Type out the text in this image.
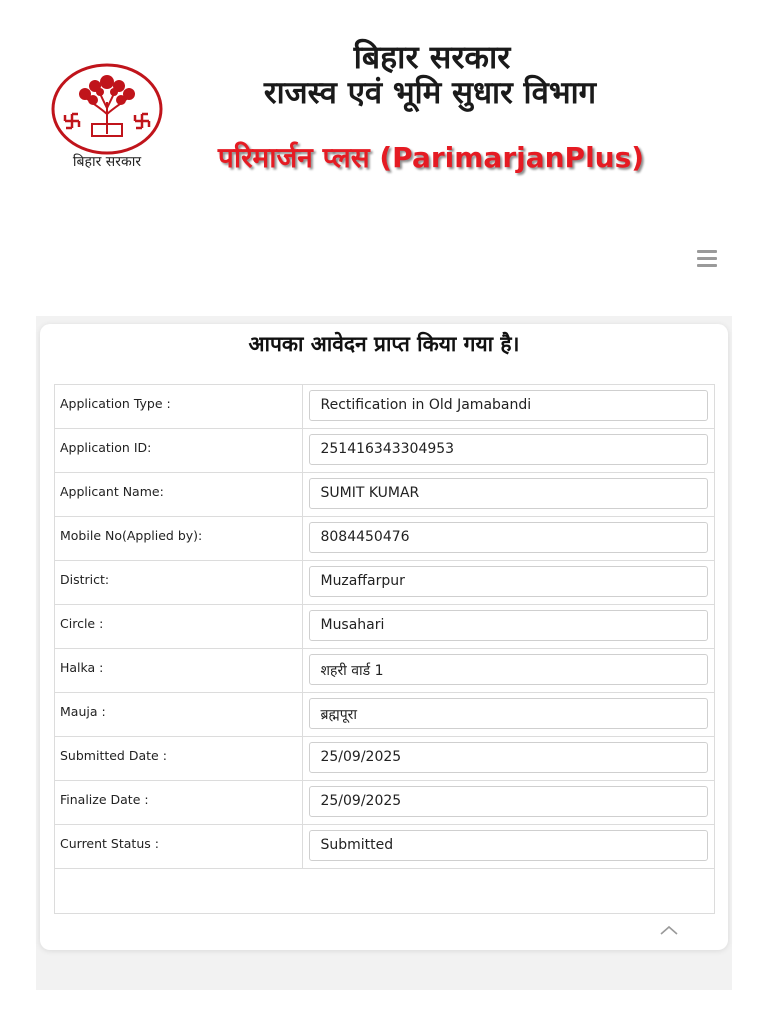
बिहार सरकार
बिहार सरकार
राजस्व एवं भूमि सुधार विभाग
परिमार्जन प्लस (ParimarjanPlus)
आपका आवेदन प्राप्त किया गया है।
Application Type :	Rectification in Old Jamabandi

Application ID:	251416343304953

Applicant Name:	SUMIT KUMAR

Mobile No(Applied by):	8084450476

District:	Muzaffarpur

Circle :	Musahari

Halka :	शहरी वार्ड 1

Mauja :	ब्रह्मपूरा

Submitted Date :	25/09/2025

Finalize Date :	25/09/2025

Current Status :	Submitted
